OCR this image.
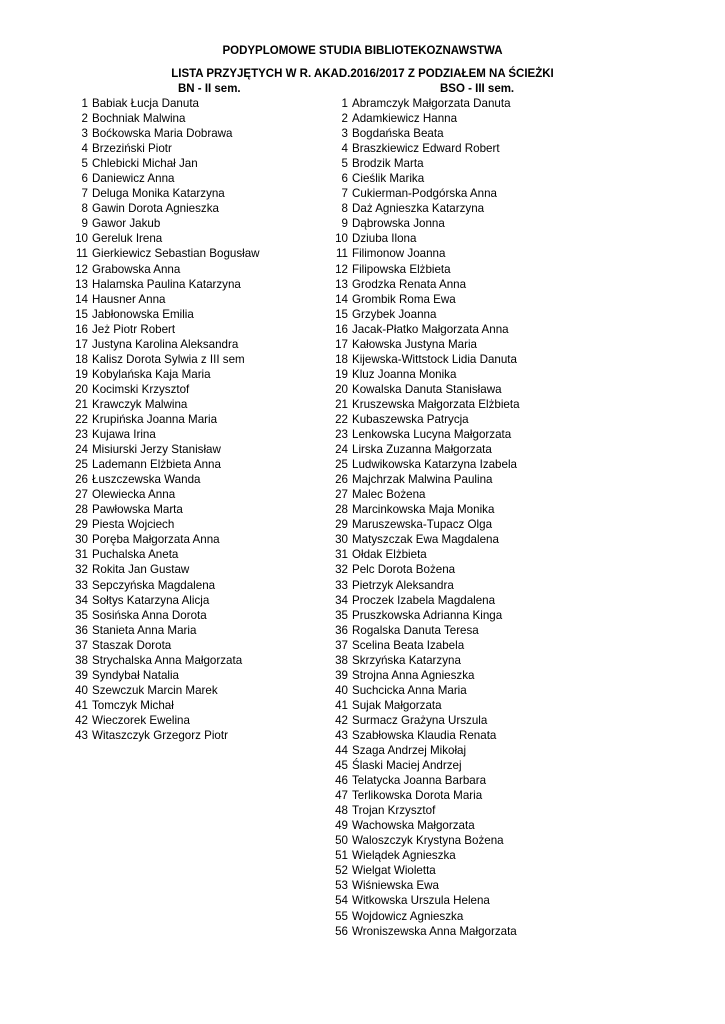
PODYPLOMOWE STUDIA BIBLIOTEKOZNAWSTWA
LISTA PRZYJĘTYCH W R. AKAD.2016/2017 Z PODZIAŁEM NA ŚCIEŻKI
BN - II sem.	BSO - III sem.
1 Babiak Łucja Danuta
2 Bochniak Malwina
3 Boćkowska Maria Dobrawa
4 Brzeziński Piotr
5 Chlebicki Michał Jan
6 Daniewicz Anna
7 Deluga Monika Katarzyna
8 Gawin Dorota Agnieszka
9 Gawor Jakub
10 Gereluk Irena
11 Gierkiewicz Sebastian Bogusław
12 Grabowska Anna
13 Halamska Paulina Katarzyna
14 Hausner Anna
15 Jabłonowska Emilia
16 Jeż Piotr Robert
17 Justyna Karolina Aleksandra
18 Kalisz Dorota Sylwia z III sem
19 Kobylańska Kaja Maria
20 Kocimski Krzysztof
21 Krawczyk Malwina
22 Krupińska Joanna Maria
23 Kujawa Irina
24 Misiurski Jerzy Stanisław
25 Lademann Elżbieta Anna
26 Łuszczewska Wanda
27 Olewiecka Anna
28 Pawłowska Marta
29 Piesta Wojciech
30 Poręba Małgorzata Anna
31 Puchalska Aneta
32 Rokita Jan Gustaw
33 Sepczyńska Magdalena
34 Sołtys Katarzyna Alicja
35 Sosińska Anna Dorota
36 Stanieta Anna Maria
37 Staszak Dorota
38 Strychalska Anna Małgorzata
39 Syndybał Natalia
40 Szewczuk Marcin Marek
41 Tomczyk Michał
42 Wieczorek Ewelina
43 Witaszczyk Grzegorz Piotr
1 Abramczyk Małgorzata Danuta
2 Adamkiewicz Hanna
3 Bogdańska Beata
4 Braszkiewicz Edward Robert
5 Brodzik Marta
6 Cieślik Marika
7 Cukierman-Podgórska Anna
8 Daż Agnieszka Katarzyna
9 Dąbrowska Jonna
10 Dziuba Ilona
11 Filimonow Joanna
12 Filipowska Elżbieta
13 Grodzka Renata Anna
14 Grombik Roma Ewa
15 Grzybek Joanna
16 Jacak-Płatko Małgorzata Anna
17 Kałowska Justyna Maria
18 Kijewska-Wittstock Lidia Danuta
19 Kluz Joanna Monika
20 Kowalska Danuta Stanisława
21 Kruszewska Małgorzata Elżbieta
22 Kubaszewska Patrycja
23 Lenkowska Lucyna Małgorzata
24 Lirska Zuzanna Małgorzata
25 Ludwikowska Katarzyna Izabela
26 Majchrzak Malwina Paulina
27 Malec Bożena
28 Marcinkowska Maja Monika
29 Maruszewska-Tupacz Olga
30 Matyszczak Ewa Magdalena
31 Ołdak Elżbieta
32 Pelc Dorota Bożena
33 Pietrzyk Aleksandra
34 Proczek Izabela Magdalena
35 Pruszkowska Adrianna Kinga
36 Rogalska Danuta Teresa
37 Scelina Beata Izabela
38 Skrzyńska Katarzyna
39 Strojna Anna Agnieszka
40 Suchcicka Anna Maria
41 Sujak Małgorzata
42 Surmacz Grażyna Urszula
43 Szabłowska Klaudia Renata
44 Szaga Andrzej Mikołaj
45 Ślaski Maciej Andrzej
46 Telatycka Joanna Barbara
47 Terlikowska Dorota Maria
48 Trojan Krzysztof
49 Wachowska Małgorzata
50 Waloszczyk Krystyna Bożena
51 Wielądek Agnieszka
52 Wielgat Wioletta
53 Wiśniewska Ewa
54 Witkowska Urszula Helena
55 Wojdowicz Agnieszka
56 Wroniszewska Anna Małgorzata
